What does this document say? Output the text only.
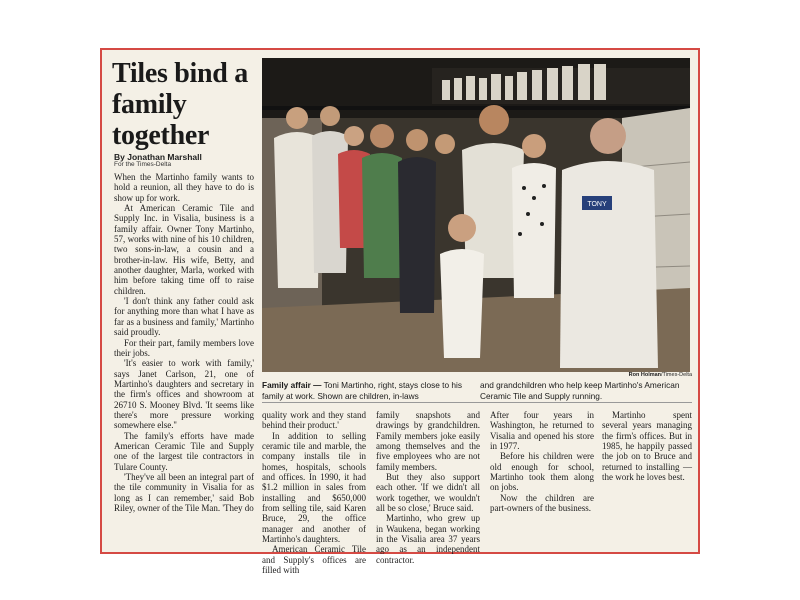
Tiles bind a family together
By Jonathan Marshall
For the Times-Delta

When the Martinho family wants to hold a reunion, all they have to do is show up for work.

At American Ceramic Tile and Supply Inc. in Visalia, business is a family affair. Owner Tony Martinho, 57, works with nine of his 10 children, two sons-in-law, a cousin and a brother-in-law. His wife, Betty, and another daughter, Marla, worked with him before taking time off to raise children.

'I don't think any father could ask for anything more than what I have as far as a business and family,' Martinho said proudly.

For their part, family members love their jobs.

'It's easier to work with family,' says Janet Carlson, 21, one of Martinho's daughters and secretary in the firm's offices and showroom at 26710 S. Mooney Blvd. 'It seems like there's more pressure working somewhere else.''

The family's efforts have made American Ceramic Tile and Supply one of the largest tile contractors in Tulare County.

'They've all been an integral part of the tile community in Visalia for as long as I can remember,' said Bob Riley, owner of the Tile Man. 'They do

TONY
Ron Holman/Times-Delta
Family affair — Toni Martinho, right, stays close to his family at work. Shown are children, in-laws
and grandchildren who help keep Martinho's American Ceramic Tile and Supply running.

quality work and they stand behind their product.'

In addition to selling ceramic tile and marble, the company installs tile in homes, hospitals, schools and offices. In 1990, it had $1.2 million in sales from installing and $650,000 from selling tile, said Karen Bruce, 29, the office manager and another of Martinho's daughters.

American Ceramic Tile and Supply's offices are filled with

family snapshots and drawings by grandchildren. Family members joke easily among themselves and the five employees who are not family members.

But they also support each other. 'If we didn't all work together, we wouldn't all be so close,' Bruce said.

Martinho, who grew up in Waukena, began working in the Visalia area 37 years ago as an independent contractor.

After four years in Washington, he returned to Visalia and opened his store in 1977.

Before his children were old enough for school, Martinho took them along on jobs.

Now the children are part-owners of the business.

Martinho spent several years managing the firm's offices. But in 1985, he happily passed the job on to Bruce and returned to installing — the work he loves best.
